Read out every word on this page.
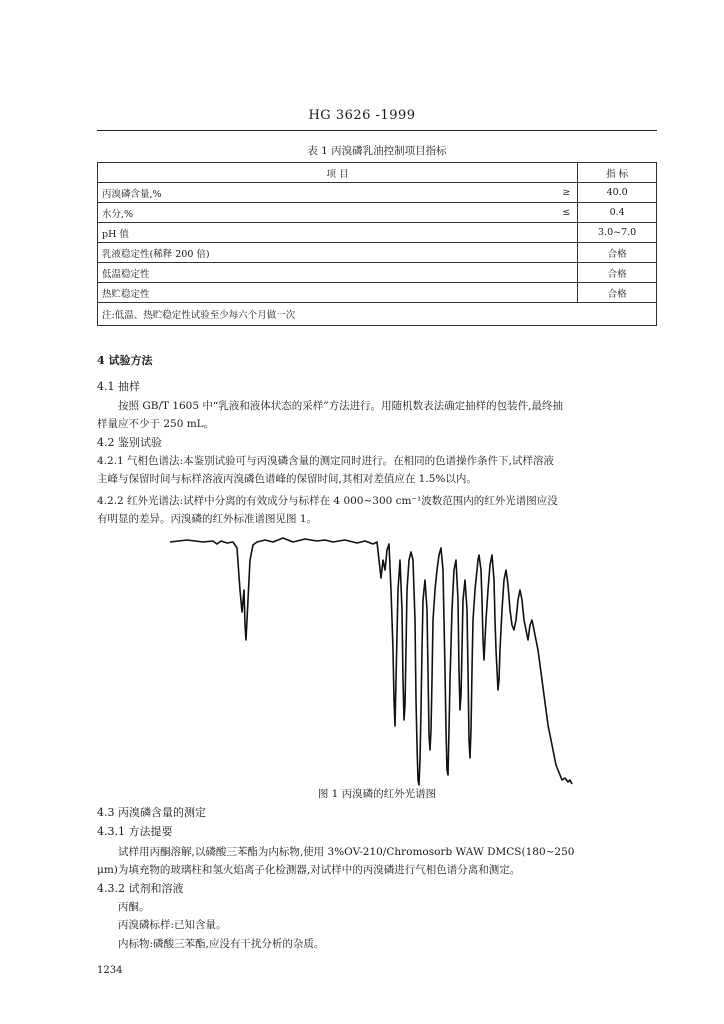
HG 3626 -1999
表 1 丙溴磷乳油控制项目指标
项 目		指 标
丙溴磷含量,%	≥	40.0
水分,%	≤	0.4
pH 值		3.0~7.0
乳液稳定性(稀释 200 倍)		合格
低温稳定性		合格
热贮稳定性		合格
注:低温、热贮稳定性试验至少每六个月做一次		
4 试验方法
4.1 抽样
按照 GB/T 1605 中“乳液和液体状态的采样”方法进行。用随机数表法确定抽样的包装件,最终抽
样量应不少于 250 mL。
4.2 鉴别试验
4.2.1 气相色谱法:本鉴别试验可与丙溴磷含量的测定同时进行。在相同的色谱操作条件下,试样溶液
主峰与保留时间与标样溶液丙溴磷色谱峰的保留时间,其相对差值应在 1.5%以内。
4.2.2 红外光谱法:试样中分离的有效成分与标样在 4 000~300 cm⁻¹波数范围内的红外光谱图应没
有明显的差异。丙溴磷的红外标准谱图见图 1。
图 1 丙溴磷的红外光谱图
4.3 丙溴磷含量的测定
4.3.1 方法提要
试样用丙酮溶解,以磷酸三苯酯为内标物,使用 3%OV-210/Chromosorb WAW DMCS(180~250
μm)为填充物的玻璃柱和氢火焰离子化检测器,对试样中的丙溴磷进行气相色谱分离和测定。
4.3.2 试剂和溶液
丙酮。
丙溴磷标样:已知含量。
内标物:磷酸三苯酯,应没有干扰分析的杂质。
1234
